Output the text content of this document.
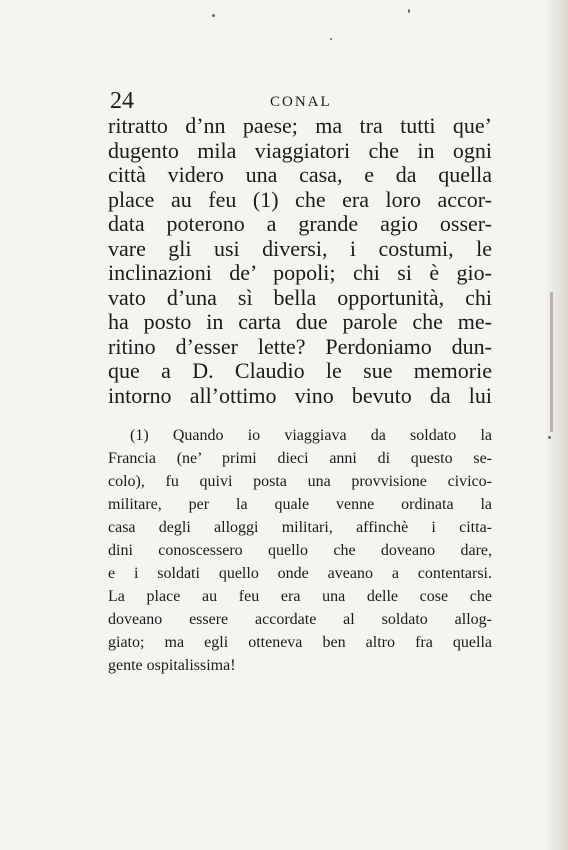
24	CONAL
ritratto d’nn paese; ma tra tutti que’
dugento mila viaggiatori che in ogni
città videro una casa, e da quella
place au feu (1) che era loro accor-
data poterono a grande agio osser-
vare gli usi diversi, i costumi, le
inclinazioni de’ popoli; chi si è gio-
vato d’una sì bella opportunità, chi
ha posto in carta due parole che me-
ritino d’esser lette? Perdoniamo dun-
que a D. Claudio le sue memorie
intorno all’ottimo vino bevuto da lui
(1) Quando io viaggiava da soldato la
Francia (ne’ primi dieci anni di questo se-
colo), fu quivi posta una provvisione civico-
militare, per la quale venne ordinata la
casa degli alloggi militari, affinchè i citta-
dini conoscessero quello che doveano dare,
e i soldati quello onde aveano a contentarsi.
La place au feu era una delle cose che
doveano essere accordate al soldato allog-
giato; ma egli otteneva ben altro fra quella
gente ospitalissima!
